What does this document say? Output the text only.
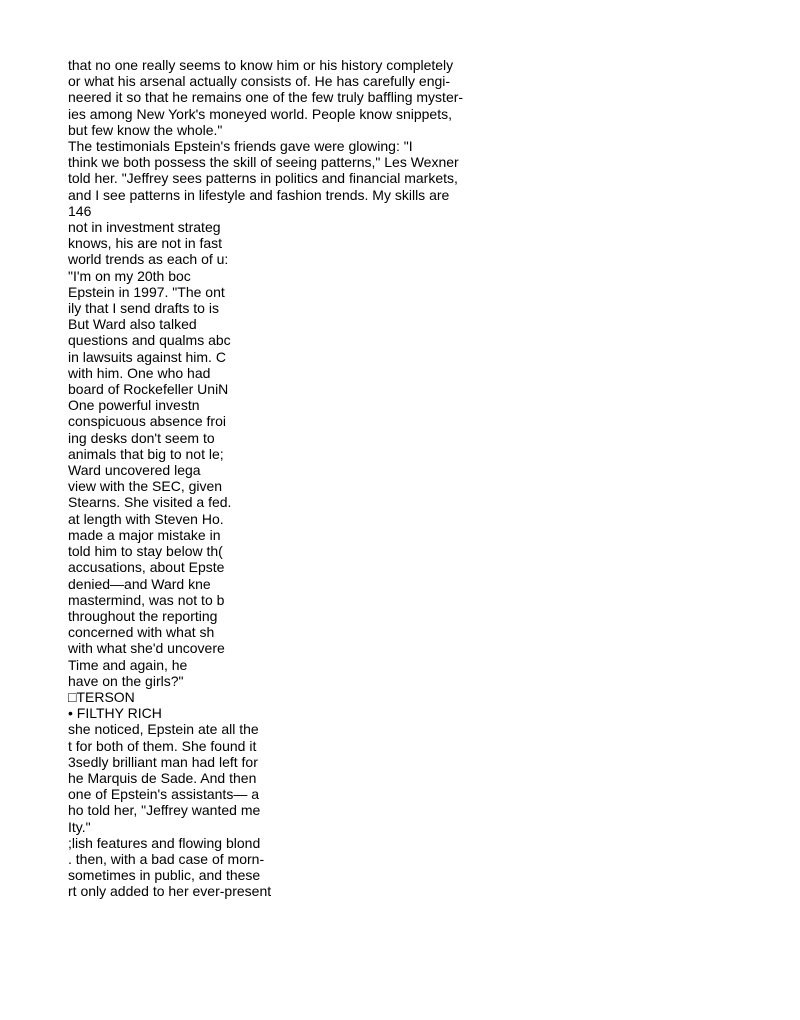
that no one really seems to know him or his history completely

or what his arsenal actually consists of. He has carefully engi-

neered it so that he remains one of the few truly baffling myster-

ies among New York's moneyed world. People know snippets,

but few know the whole."

The testimonials Epstein's friends gave were glowing: "I

think we both possess the skill of seeing patterns," Les Wexner

told her. "Jeffrey sees patterns in politics and financial markets,

and I see patterns in lifestyle and fashion trends. My skills are

146

not in investment strateg

knows, his are not in fast

world trends as each of u:

"I'm on my 20th boc

Epstein in 1997. "The ont

ily that I send drafts to is

But Ward also talked

questions and qualms abc

in lawsuits against him. C

with him. One who had

board of Rockefeller UniN

One powerful investn

conspicuous absence froi

ing desks don't seem to

animals that big to not le;

Ward uncovered lega

view with the SEC, given

Stearns. She visited a fed.

at length with Steven Ho.

made a major mistake in

told him to stay below th(

accusations, about Epste

denied—and Ward kne

mastermind, was not to b

throughout the reporting

concerned with what sh

with what she'd uncovere

Time and again, he

have on the girls?"

□TERSON

• FILTHY RICH

she noticed, Epstein ate all the

t for both of them. She found it

3sedly brilliant man had left for

he Marquis de Sade. And then

one of Epstein's assistants— a

ho told her, "Jeffrey wanted me

Ity."

;lish features and flowing blond

. then, with a bad case of morn-

sometimes in public, and these

rt only added to her ever-present
